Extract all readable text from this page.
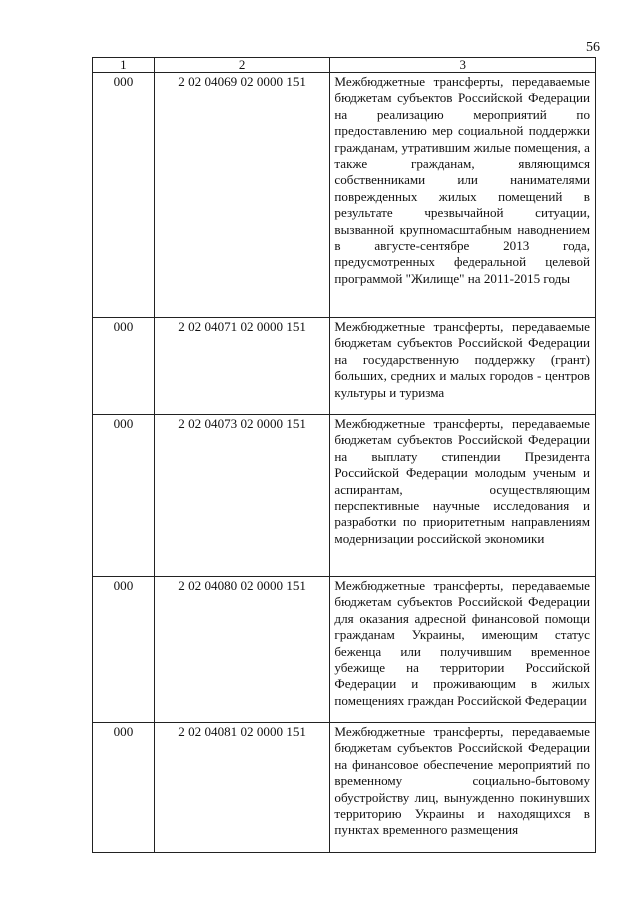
56
1	2	3
000	2 02 04069 02 0000 151	Межбюджетные трансферты, передаваемые бюджетам субъектов Российской Федерации на реализацию мероприятий по предоставлению мер социальной поддержки гражданам, утратившим жилые помещения, а также гражданам, являющимся собственниками или нанимателями поврежденных жилых помещений в результате чрезвычайной ситуации, вызванной крупномасштабным наводнением в августе-сентябре 2013 года, предусмотренных федеральной целевой программой "Жилище" на 2011-2015 годы
000	2 02 04071 02 0000 151	Межбюджетные трансферты, передаваемые бюджетам субъектов Российской Федерации на государственную поддержку (грант) больших, средних и малых городов - центров культуры и туризма
000	2 02 04073 02 0000 151	Межбюджетные трансферты, передаваемые бюджетам субъектов Российской Федерации на выплату стипендии Президента Российской Федерации молодым ученым и аспирантам, осуществляющим перспективные научные исследования и разработки по приоритетным направлениям модернизации российской экономики
000	2 02 04080 02 0000 151	Межбюджетные трансферты, передаваемые бюджетам субъектов Российской Федерации для оказания адресной финансовой помощи гражданам Украины, имеющим статус беженца или получившим временное убежище на территории Российской Федерации и проживающим в жилых помещениях граждан Российской Федерации
000	2 02 04081 02 0000 151	Межбюджетные трансферты, передаваемые бюджетам субъектов Российской Федерации на финансовое обеспечение мероприятий по временному социально-бытовому обустройству лиц, вынужденно покинувших территорию Украины и находящихся в пунктах временного размещения
